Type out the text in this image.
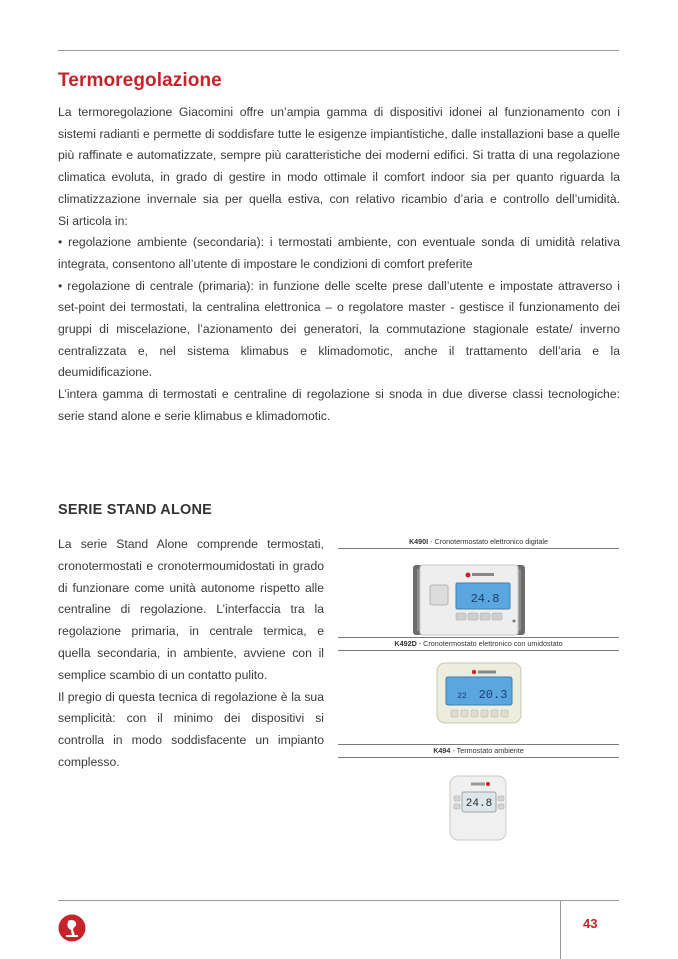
Termoregolazione

La termoregolazione Giacomini offre un’ampia gamma di dispositivi idonei al funzionamento con i sistemi radianti e permette di soddisfare tutte le esigenze impiantistiche, dalle installazioni base a quelle più raffinate e automatizzate, sempre più caratteristiche dei moderni edifici. Si tratta di una regolazione climatica evoluta, in grado di gestire in modo ottimale il comfort indoor sia per quanto riguarda la climatizzazione invernale sia per quella estiva, con relativo ricambio d’aria e controllo dell’umidità.

Si articola in:

• regolazione ambiente (secondaria): i termostati ambiente, con eventuale sonda di umidità relativa integrata, consentono all’utente di impostare le condizioni di comfort preferite

• regolazione di centrale (primaria): in funzione delle scelte prese dall’utente e impostate attraverso i set-point dei termostati, la centralina elettronica – o regolatore master - gestisce il funzionamento dei gruppi di miscelazione, l’azionamento dei generatori, la commutazione stagionale estate/ inverno centralizzata e, nel sistema klimabus e klimadomotic, anche il trattamento dell’aria e la deumidificazione.

L’intera gamma di termostati e centraline di regolazione si snoda in due diverse classi tecnologiche: serie stand alone e serie klimabus e klimadomotic.

SERIE STAND ALONE

La serie Stand Alone comprende termostati, cronotermostati e cronotermoumidostati in grado di funzionare come unità autonome rispetto alle centraline di regolazione. L’interfaccia tra la regolazione primaria, in centrale termica, e quella secondaria, in ambiente, avviene con il semplice scambio di un contatto pulito.

Il pregio di questa tecnica di regolazione è la sua semplicità: con il minimo dei dispositivi si controlla in modo soddisfacente un impianto complesso.

K490I - Cronotermostato elettronico digitale
24.8
K492D - Cronotermostato elettronico con umidostato
20.3
22
K494 - Termostato ambiente
24.8
43
